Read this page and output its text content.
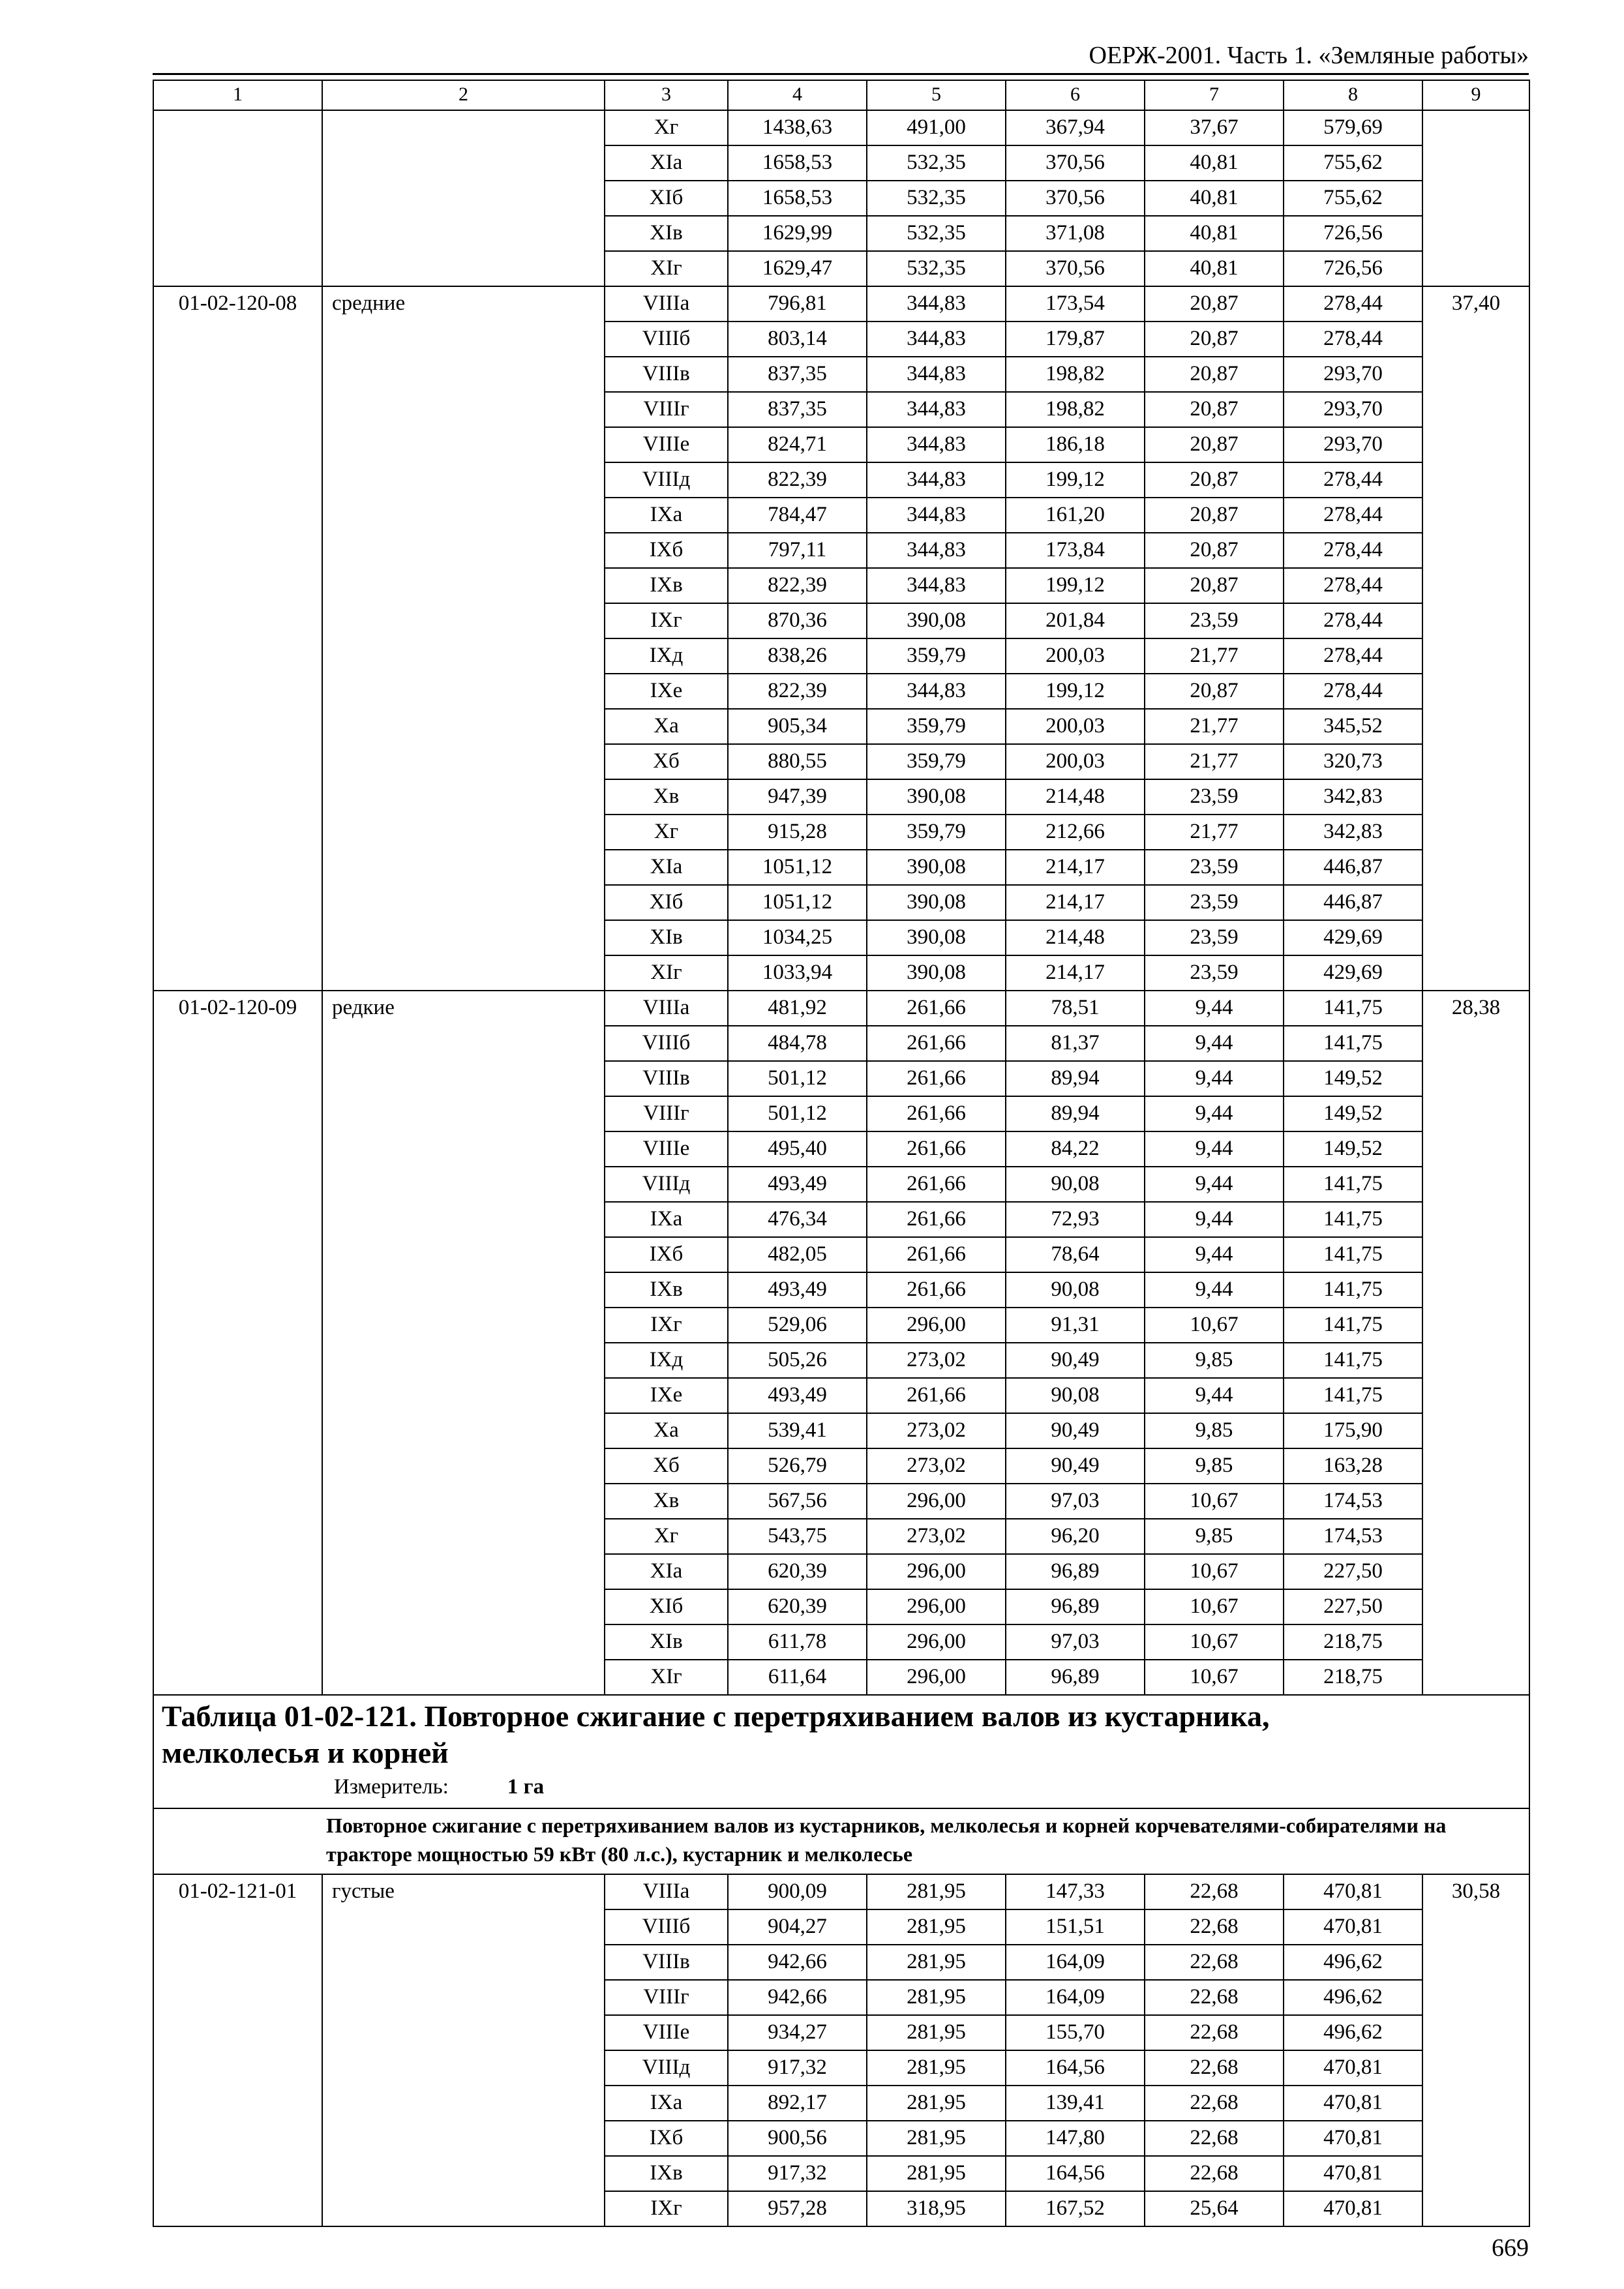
ОЕРЖ-2001. Часть 1. «Земляные работы»
1	2	3	4	5	6	7	8	9
		Xг	1438,63	491,00	367,94	37,67	579,69	
		XIа	1658,53	532,35	370,56	40,81	755,62	
		XIб	1658,53	532,35	370,56	40,81	755,62	
		XIв	1629,99	532,35	371,08	40,81	726,56	
		XIг	1629,47	532,35	370,56	40,81	726,56	
01-02-120-08	средние	VIIIа	796,81	344,83	173,54	20,87	278,44	37,40
		VIIIб	803,14	344,83	179,87	20,87	278,44	
		VIIIв	837,35	344,83	198,82	20,87	293,70	
		VIIIг	837,35	344,83	198,82	20,87	293,70	
		VIIIе	824,71	344,83	186,18	20,87	293,70	
		VIIIд	822,39	344,83	199,12	20,87	278,44	
		IXа	784,47	344,83	161,20	20,87	278,44	
		IXб	797,11	344,83	173,84	20,87	278,44	
		IXв	822,39	344,83	199,12	20,87	278,44	
		IXг	870,36	390,08	201,84	23,59	278,44	
		IXд	838,26	359,79	200,03	21,77	278,44	
		IXе	822,39	344,83	199,12	20,87	278,44	
		Xа	905,34	359,79	200,03	21,77	345,52	
		Xб	880,55	359,79	200,03	21,77	320,73	
		Xв	947,39	390,08	214,48	23,59	342,83	
		Xг	915,28	359,79	212,66	21,77	342,83	
		XIа	1051,12	390,08	214,17	23,59	446,87	
		XIб	1051,12	390,08	214,17	23,59	446,87	
		XIв	1034,25	390,08	214,48	23,59	429,69	
		XIг	1033,94	390,08	214,17	23,59	429,69	
01-02-120-09	редкие	VIIIа	481,92	261,66	78,51	9,44	141,75	28,38
		VIIIб	484,78	261,66	81,37	9,44	141,75	
		VIIIв	501,12	261,66	89,94	9,44	149,52	
		VIIIг	501,12	261,66	89,94	9,44	149,52	
		VIIIе	495,40	261,66	84,22	9,44	149,52	
		VIIIд	493,49	261,66	90,08	9,44	141,75	
		IXа	476,34	261,66	72,93	9,44	141,75	
		IXб	482,05	261,66	78,64	9,44	141,75	
		IXв	493,49	261,66	90,08	9,44	141,75	
		IXг	529,06	296,00	91,31	10,67	141,75	
		IXд	505,26	273,02	90,49	9,85	141,75	
		IXе	493,49	261,66	90,08	9,44	141,75	
		Xа	539,41	273,02	90,49	9,85	175,90	
		Xб	526,79	273,02	90,49	9,85	163,28	
		Xв	567,56	296,00	97,03	10,67	174,53	
		Xг	543,75	273,02	96,20	9,85	174,53	
		XIа	620,39	296,00	96,89	10,67	227,50	
		XIб	620,39	296,00	96,89	10,67	227,50	
		XIв	611,78	296,00	97,03	10,67	218,75	
		XIг	611,64	296,00	96,89	10,67	218,75	

Таблица 01-02-121. Повторное сжигание с перетряхиванием валов из кустарника,
мелколесья и корней
Измеритель: 1 га								

Повторное сжигание с перетряхиванием валов из кустарников, мелколесья и корней корчевателями-собирателями на тракторе мощностью 59 кВт (80 л.с.), кустарник и мелколесье								
01-02-121-01	густые	VIIIа	900,09	281,95	147,33	22,68	470,81	30,58
		VIIIб	904,27	281,95	151,51	22,68	470,81	
		VIIIв	942,66	281,95	164,09	22,68	496,62	
		VIIIг	942,66	281,95	164,09	22,68	496,62	
		VIIIе	934,27	281,95	155,70	22,68	496,62	
		VIIIд	917,32	281,95	164,56	22,68	470,81	
		IXа	892,17	281,95	139,41	22,68	470,81	
		IXб	900,56	281,95	147,80	22,68	470,81	
		IXв	917,32	281,95	164,56	22,68	470,81	
		IXг	957,28	318,95	167,52	25,64	470,81	
669
